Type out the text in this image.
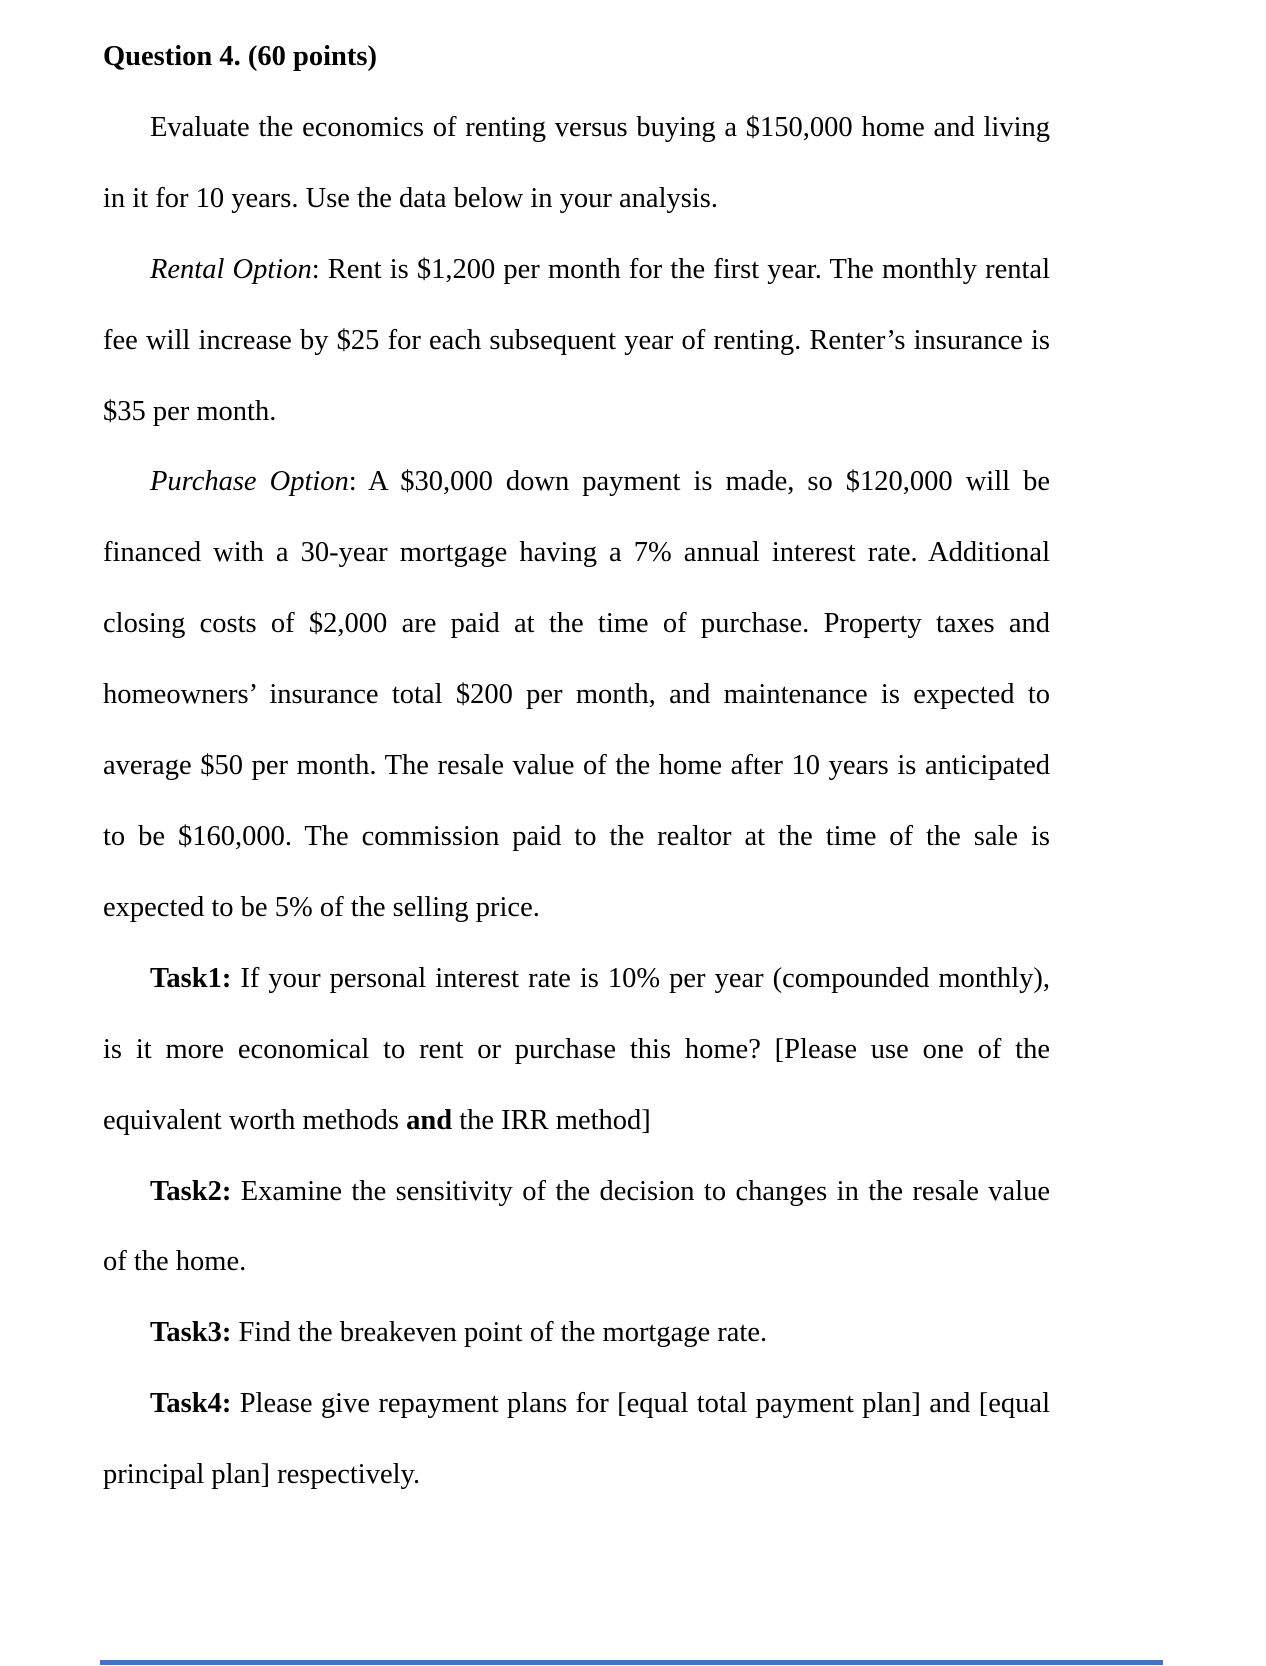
Question 4. (60 points)

Evaluate the economics of renting versus buying a $150,000 home and living in it for 10 years. Use the data below in your analysis.

Rental Option: Rent is $1,200 per month for the first year. The monthly rental fee will increase by $25 for each subsequent year of renting. Renter’s insurance is $35 per month.

Purchase Option: A $30,000 down payment is made, so $120,000 will be financed with a 30-year mortgage having a 7% annual interest rate. Additional closing costs of $2,000 are paid at the time of purchase. Property taxes and homeowners’ insurance total $200 per month, and maintenance is expected to average $50 per month. The resale value of the home after 10 years is anticipated to be $160,000. The commission paid to the realtor at the time of the sale is expected to be 5% of the selling price.

Task1: If your personal interest rate is 10% per year (compounded monthly), is it more economical to rent or purchase this home? [Please use one of the equivalent worth methods and the IRR method]

Task2: Examine the sensitivity of the decision to changes in the resale value of the home.

Task3: Find the breakeven point of the mortgage rate.

Task4: Please give repayment plans for [equal total payment plan] and [equal principal plan] respectively.
